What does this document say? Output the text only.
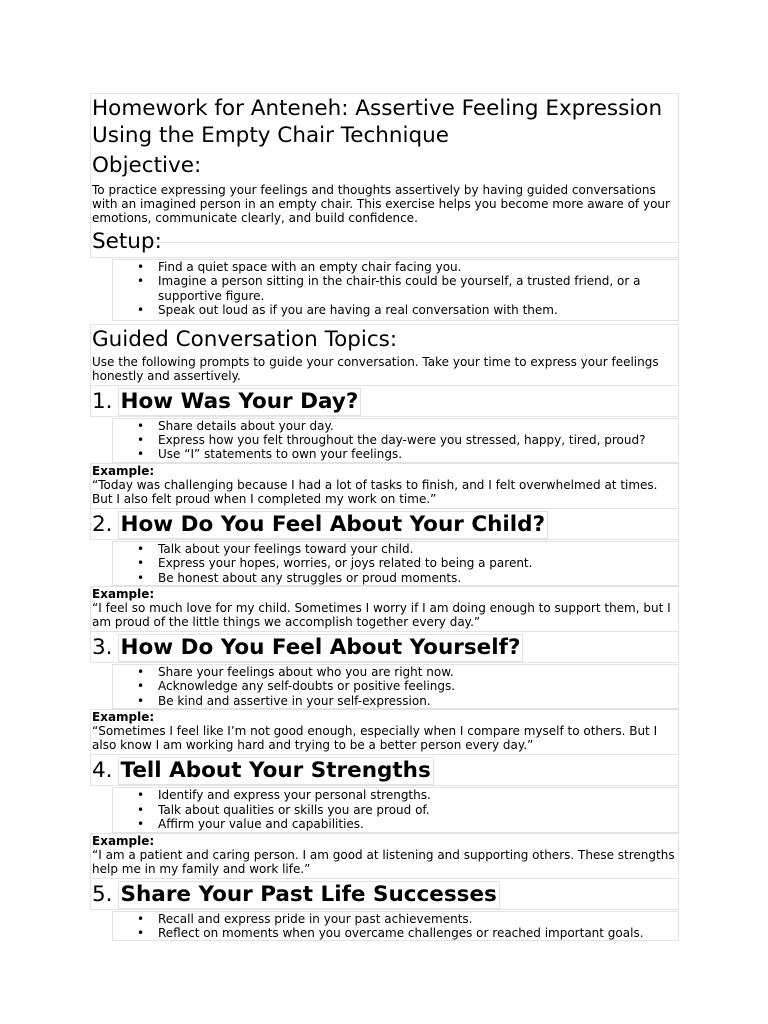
Homework for Anteneh: Assertive Feeling Expression Using the Empty Chair Technique
Objective:

To practice expressing your feelings and thoughts assertively by having guided conversations with an imagined person in an empty chair. This exercise helps you become more aware of your emotions, communicate clearly, and build confidence.

Setup:
• Find a quiet space with an empty chair facing you.
• Imagine a person sitting in the chair-this could be yourself, a trusted friend, or a supportive figure.
• Speak out loud as if you are having a real conversation with them.
Guided Conversation Topics:

Use the following prompts to guide your conversation. Take your time to express your feelings honestly and assertively.

1. How Was Your Day?
• Share details about your day.
• Express how you felt throughout the day-were you stressed, happy, tired, proud?
• Use “I” statements to own your feelings.
Example:

“Today was challenging because I had a lot of tasks to finish, and I felt overwhelmed at times. But I also felt proud when I completed my work on time.”

2. How Do You Feel About Your Child?
• Talk about your feelings toward your child.
• Express your hopes, worries, or joys related to being a parent.
• Be honest about any struggles or proud moments.
Example:

“I feel so much love for my child. Sometimes I worry if I am doing enough to support them, but I am proud of the little things we accomplish together every day.”

3. How Do You Feel About Yourself?
• Share your feelings about who you are right now.
• Acknowledge any self-doubts or positive feelings.
• Be kind and assertive in your self-expression.
Example:

“Sometimes I feel like I’m not good enough, especially when I compare myself to others. But I also know I am working hard and trying to be a better person every day.”

4. Tell About Your Strengths
• Identify and express your personal strengths.
• Talk about qualities or skills you are proud of.
• Affirm your value and capabilities.
Example:

“I am a patient and caring person. I am good at listening and supporting others. These strengths help me in my family and work life.”

5. Share Your Past Life Successes
• Recall and express pride in your past achievements.
• Reflect on moments when you overcame challenges or reached important goals.
